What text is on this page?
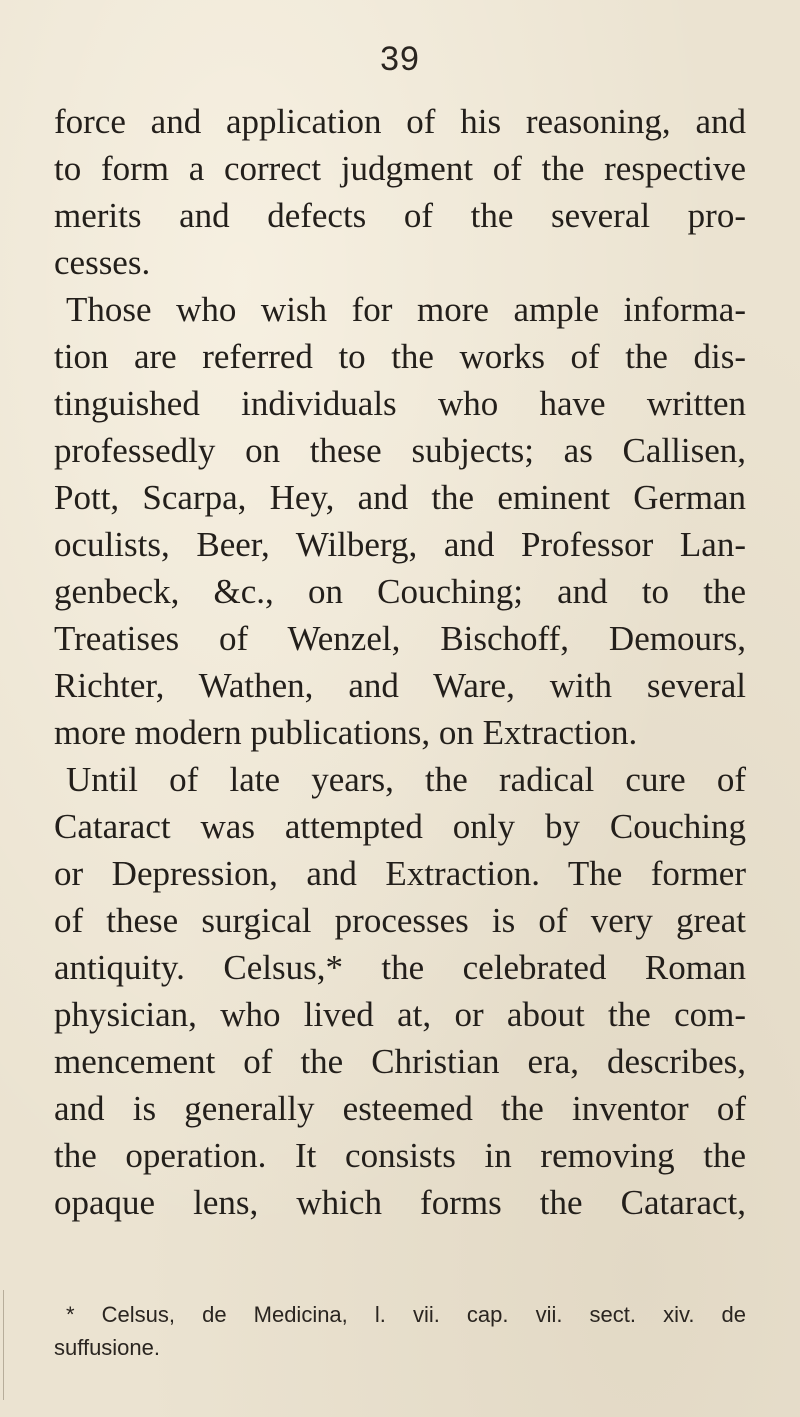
39
force and application of his reasoning, and
to form a correct judgment of the respective
merits and defects of the several pro-
cesses.
Those who wish for more ample informa-
tion are referred to the works of the dis-
tinguished individuals who have written
professedly on these subjects; as Callisen,
Pott, Scarpa, Hey, and the eminent German
oculists, Beer, Wilberg, and Professor Lan-
genbeck, &c., on Couching; and to the
Treatises of Wenzel, Bischoff, Demours,
Richter, Wathen, and Ware, with several
more modern publications, on Extraction.
Until of late years, the radical cure of
Cataract was attempted only by Couching
or Depression, and Extraction. The former
of these surgical processes is of very great
antiquity. Celsus,* the celebrated Roman
physician, who lived at, or about the com-
mencement of the Christian era, describes,
and is generally esteemed the inventor of
the operation. It consists in removing the
opaque lens, which forms the Cataract,
* Celsus, de Medicina, l. vii. cap. vii. sect. xiv. de
suffusione.
